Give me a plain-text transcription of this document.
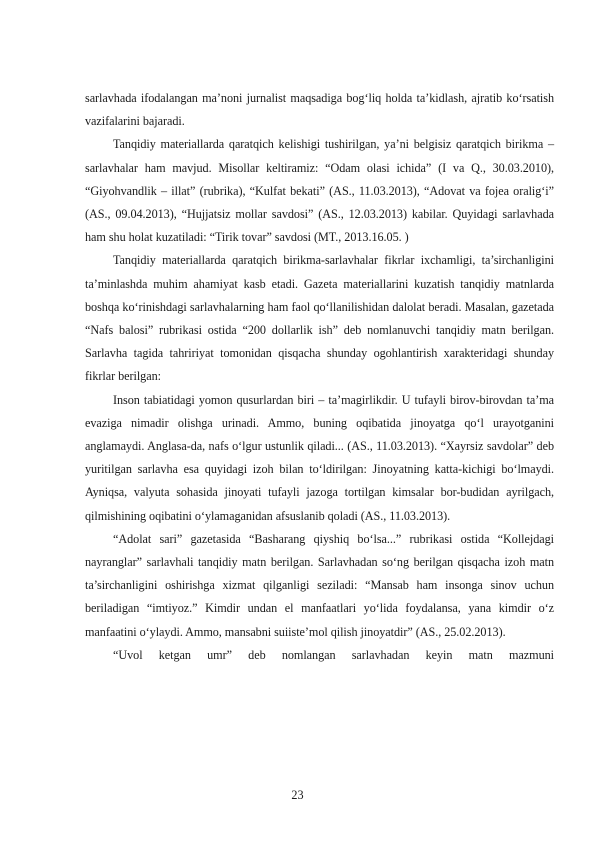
sarlavhada ifodalangan ma’noni jurnalist maqsadiga bog‘liq holda ta’kidlash, ajratib ko‘rsatish vazifalarini bajaradi.

Tanqidiy materiallarda qaratqich kelishigi tushirilgan, ya’ni belgisiz qaratqich birikma – sarlavhalar ham mavjud. Misollar keltiramiz: “Odam olasi ichida” (I va Q., 30.03.2010), “Giyohvandlik – illat” (rubrika), “Kulfat bekati” (AS., 11.03.2013), “Adovat va fojea oralig‘i” (AS., 09.04.2013), “Hujjatsiz mollar savdosi” (AS., 12.03.2013) kabilar. Quyidagi sarlavhada ham shu holat kuzatiladi: “Tirik tovar” savdosi (MT., 2013.16.05. )

Tanqidiy materiallarda qaratqich birikma-sarlavhalar fikrlar ixchamligi, ta’sirchanligini ta’minlashda muhim ahamiyat kasb etadi. Gazeta materiallarini kuzatish tanqidiy matnlarda boshqa ko‘rinishdagi sarlavhalarning ham faol qo‘llanilishidan dalolat beradi. Masalan, gazetada “Nafs balosi” rubrikasi ostida “200 dollarlik ish” deb nomlanuvchi tanqidiy matn berilgan. Sarlavha tagida tahririyat tomonidan qisqacha shunday ogohlantirish xarakteridagi shunday fikrlar berilgan:

Inson tabiatidagi yomon qusurlardan biri – ta’magirlikdir. U tufayli birov-birovdan ta’ma evaziga nimadir olishga urinadi. Ammo, buning oqibatida jinoyatga qo‘l urayotganini anglamaydi. Anglasa-da, nafs o‘lgur ustunlik qiladi... (AS., 11.03.2013). “Xayrsiz savdolar” deb yuritilgan sarlavha esa quyidagi izoh bilan to‘ldirilgan: Jinoyatning katta-kichigi bo‘lmaydi. Ayniqsa, valyuta sohasida jinoyati tufayli jazoga tortilgan kimsalar bor-budidan ayrilgach, qilmishining oqibatini o‘ylamaganidan afsuslanib qoladi (AS., 11.03.2013).

“Adolat sari” gazetasida “Basharang qiyshiq bo‘lsa...” rubrikasi ostida “Kollejdagi nayranglar” sarlavhali tanqidiy matn berilgan. Sarlavhadan so‘ng berilgan qisqacha izoh matn ta’sirchanligini oshirishga xizmat qilganligi seziladi: “Mansab ham insonga sinov uchun beriladigan “imtiyoz.” Kimdir undan el manfaatlari yo‘lida foydalansa, yana kimdir o‘z manfaatini o‘ylaydi. Ammo, mansabni suiiste’mol qilish jinoyatdir” (AS., 25.02.2013).

“Uvol ketgan umr” deb nomlangan sarlavhadan keyin matn mazmuni

23
